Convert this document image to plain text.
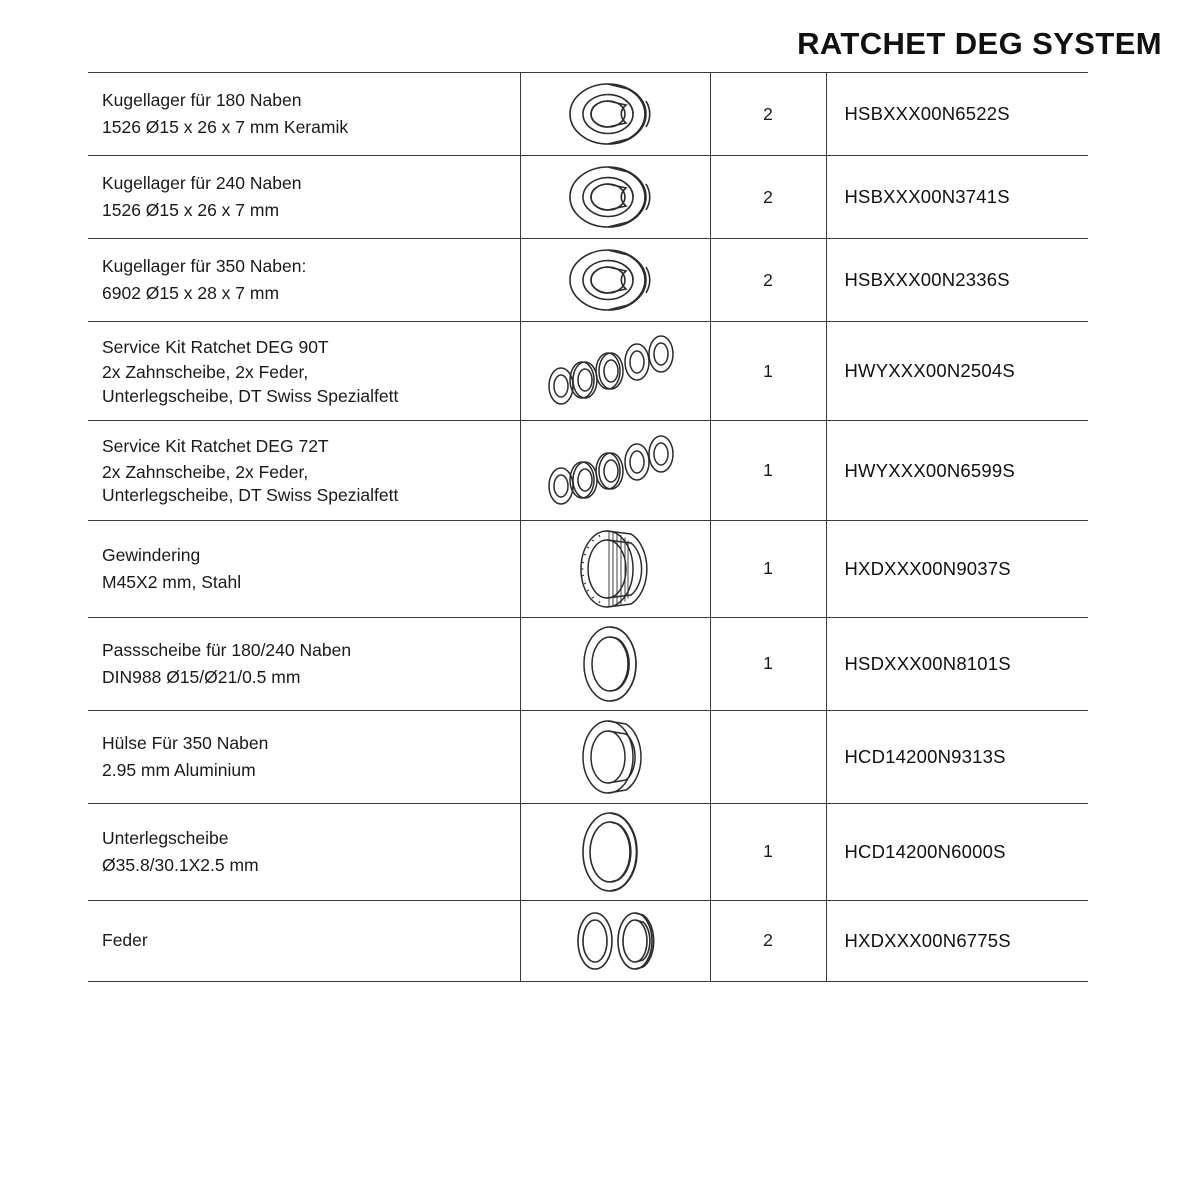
RATCHET DEG SYSTEM
Kugellager für 180 Naben
1526 Ø15 x 26 x 7 mm Keramik		2	HSBXXX00N6522S

Kugellager für 240 Naben
1526 Ø15 x 26 x 7 mm		2	HSBXXX00N3741S

Kugellager für 350 Naben:
6902 Ø15 x 28 x 7 mm		2	HSBXXX00N2336S

Service Kit Ratchet DEG 90T
2x Zahnscheibe, 2x Feder,
Unterlegscheibe, DT Swiss Spezialfett		1	HWYXXX00N2504S

Service Kit Ratchet DEG 72T
2x Zahnscheibe, 2x Feder,
Unterlegscheibe, DT Swiss Spezialfett		1	HWYXXX00N6599S

Gewindering
M45X2 mm, Stahl		1	HXDXXX00N9037S

Passscheibe für 180/240 Naben
DIN988 Ø15/Ø21/0.5 mm		1	HSDXXX00N8101S

Hülse Für 350 Naben
2.95 mm Aluminium			HCD14200N9313S

Unterlegscheibe
Ø35.8/30.1X2.5 mm		1	HCD14200N6000S

Feder		2	HXDXXX00N6775S
